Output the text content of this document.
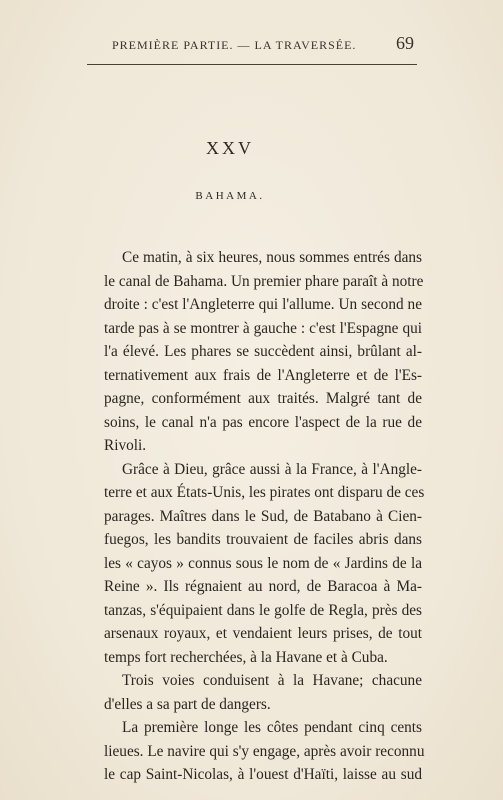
PREMIÈRE PARTIE. — LA TRAVERSÉE. 69
XXV
BAHAMA.

Ce matin, à six heures, nous sommes entrés dans
le canal de Bahama. Un premier phare paraît à notre
droite : c'est l'Angleterre qui l'allume. Un second ne
tarde pas à se montrer à gauche : c'est l'Espagne qui
l'a élevé. Les phares se succèdent ainsi, brûlant al-
ternativement aux frais de l'Angleterre et de l'Es-
pagne, conformément aux traités. Malgré tant de
soins, le canal n'a pas encore l'aspect de la rue de
Rivoli.

Grâce à Dieu, grâce aussi à la France, à l'Angle-
terre et aux États-Unis, les pirates ont disparu de ces
parages. Maîtres dans le Sud, de Batabano à Cien-
fuegos, les bandits trouvaient de faciles abris dans
les « cayos » connus sous le nom de « Jardins de la
Reine ». Ils régnaient au nord, de Baracoa à Ma-
tanzas, s'équipaient dans le golfe de Regla, près des
arsenaux royaux, et vendaient leurs prises, de tout
temps fort recherchées, à la Havane et à Cuba.

Trois voies conduisent à la Havane; chacune
d'elles a sa part de dangers.

La première longe les côtes pendant cinq cents
lieues. Le navire qui s'y engage, après avoir reconnu
le cap Saint-Nicolas, à l'ouest d'Haïti, laisse au sud
